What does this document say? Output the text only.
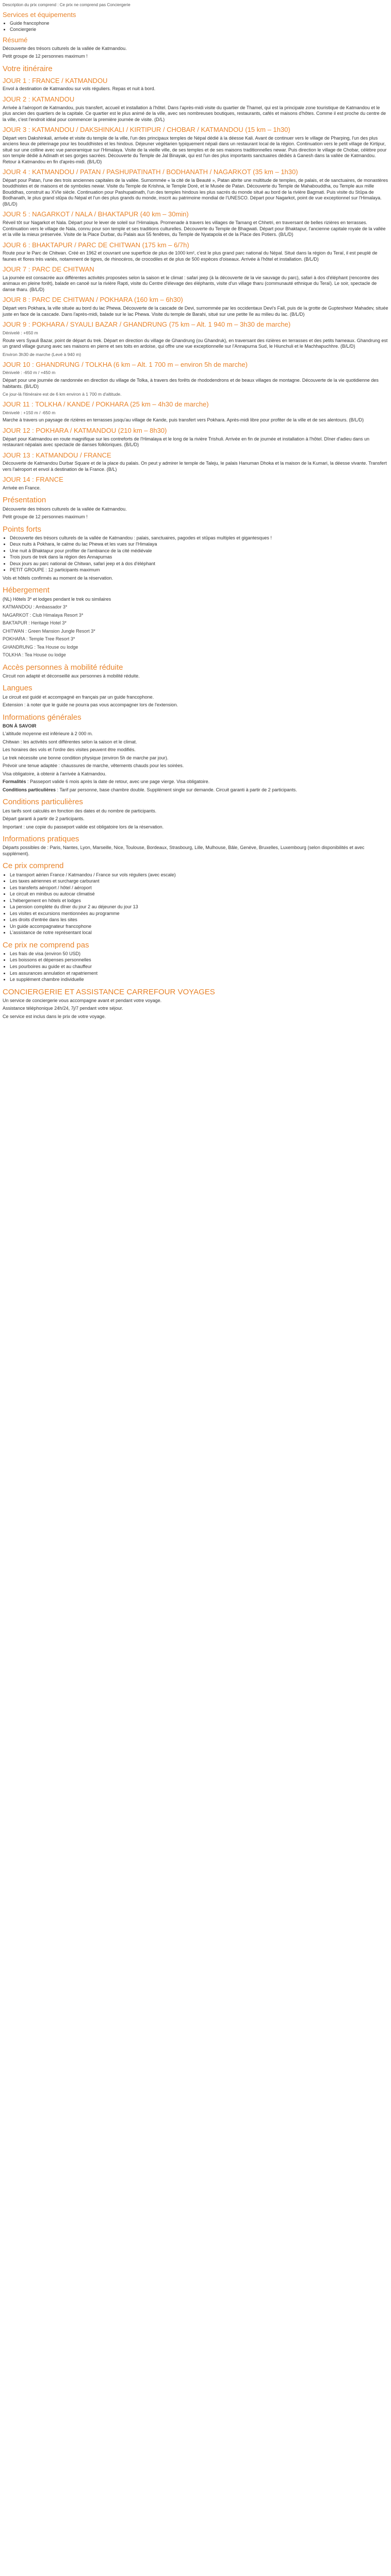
Description du prix comprend : Ce prix ne comprend pas Conciergerie
Services et équipements
• Guide francophone
• Conciergerie
Résumé

Découverte des trésors culturels de la vallée de Katmandou.

Petit groupe de 12 personnes maximum !

Votre itinéraire
JOUR 1 : FRANCE / KATMANDOU

Envol à destination de Katmandou sur vols réguliers. Repas et nuit à bord.

JOUR 2 : KATMANDOU

Arrivée à l'aéroport de Katmandou, puis transfert, accueil et installation à l'hôtel. Dans l'après-midi visite du quartier de Thamel, qui est la principale zone touristique de Katmandou et le plus ancien des quartiers de la capitale. Ce quartier est le plus animé de la ville, avec ses nombreuses boutiques, restaurants, cafés et maisons d'hôtes. Comme il est proche du centre de la ville, c'est l'endroit idéal pour commencer la première journée de visite. (D/L)

JOUR 3 : KATMANDOU / DAKSHINKALI / KIRTIPUR / CHOBAR / KATMANDOU (15 km – 1h30)

Départ vers Dakshinkali, arrivée et visite du temple de la ville, l'un des principaux temples de Népal dédié à la déesse Kali. Avant de continuer vers le village de Pharping, l'un des plus anciens lieux de pèlerinage pour les bouddhistes et les hindous. Déjeuner végétarien typiquement népali dans un restaurant local de la région. Continuation vers le petit village de Kirtipur, situé sur une colline avec vue panoramique sur l'Himalaya. Visite de la vieille ville, de ses temples et de ses maisons traditionnelles newar. Puis direction le village de Chobar, célèbre pour son temple dédié à Adinath et ses gorges sacrées. Découverte du Temple de Jal Binayak, qui est l'un des plus importants sanctuaires dédiés à Ganesh dans la vallée de Katmandou. Retour à Katmandou en fin d'après-midi. (B/L/D)

JOUR 4 : KATMANDOU / PATAN / PASHUPATINATH / BODHANATH / NAGARKOT (35 km – 1h30)

Départ pour Patan, l'une des trois anciennes capitales de la vallée. Surnommée « la cité de la Beauté », Patan abrite une multitude de temples, de palais, et de sanctuaires, de monastères bouddhistes et de maisons et de symboles newar. Visite du Temple de Krishna, le Temple Doré, et le Musée de Patan. Découverte du Temple de Mahabouddha, ou Temple aux mille Bouddhas, construit au XVIe siècle. Continuation pour Pashupatinath, l'un des temples hindous les plus sacrés du monde situé au bord de la rivière Bagmati. Puis visite du Stûpa de Bodhanath, le plus grand stûpa du Népal et l'un des plus grands du monde, inscrit au patrimoine mondial de l'UNESCO. Départ pour Nagarkot, point de vue exceptionnel sur l'Himalaya. (B/L/D)

JOUR 5 : NAGARKOT / NALA / BHAKTAPUR (40 km – 30min)

Réveil tôt sur Nagarkot et Nala. Départ pour le lever de soleil sur l'Himalaya. Promenade à travers les villages de Tamang et Chhetri, en traversant de belles rizières en terrasses. Continuation vers le village de Nala, connu pour son temple et ses traditions culturelles. Découverte du Temple de Bhagwati. Départ pour Bhaktapur, l'ancienne capitale royale de la vallée et la ville la mieux préservée. Visite de la Place Durbar, du Palais aux 55 fenêtres, du Temple de Nyatapola et de la Place des Potiers. (B/L/D)

JOUR 6 : BHAKTAPUR / PARC DE CHITWAN (175 km – 6/7h)

Route pour le Parc de Chitwan. Créé en 1962 et couvrant une superficie de plus de 1000 km², c'est le plus grand parc national du Népal. Situé dans la région du Teraï, il est peuplé de faunes et flores très variés, notamment de tigres, de rhinocéros, de crocodiles et de plus de 500 espèces d'oiseaux. Arrivée à l'hôtel et installation. (B/L/D)

JOUR 7 : PARC DE CHITWAN

La journée est consacrée aux différentes activités proposées selon la saison et le climat : safari jeep (à la découverte de la vie sauvage du parc), safari à dos d'éléphant (rencontre des animaux en pleine forêt), balade en canoë sur la rivière Rapti, visite du Centre d'élevage des éléphants, visite d'un village tharu (communauté ethnique du Teraï). Le soir, spectacle de danse tharu. (B/L/D)

JOUR 8 : PARC DE CHITWAN / POKHARA (160 km – 6h30)

Départ vers Pokhara, la ville située au bord du lac Phewa. Découverte de la cascade de Devi, surnommée par les occidentaux Devi's Fall, puis de la grotte de Gupteshwor Mahadev, située juste en face de la cascade. Dans l'après-midi, balade sur le lac Phewa. Visite du temple de Barahi, situé sur une petite île au milieu du lac. (B/L/D)

JOUR 9 : POKHARA / SYAULI BAZAR / GHANDRUNG (75 km – Alt. 1 940 m – 3h30 de marche)
Dénivelé : +650 m

Route vers Syauli Bazar, point de départ du trek. Départ en direction du village de Ghandrung (ou Ghandruk), en traversant des rizières en terrasses et des petits hameaux. Ghandrung est un grand village gurung avec ses maisons en pierre et ses toits en ardoise, qui offre une vue exceptionnelle sur l'Annapurna Sud, le Hiunchuli et le Machhapuchhre. (B/L/D)

Environ 3h30 de marche (Levé à 940 m)

JOUR 10 : GHANDRUNG / TOLKHA (6 km – Alt. 1 700 m – environ 5h de marche)
Dénivelé : -650 m / +450 m

Départ pour une journée de randonnée en direction du village de Tolka, à travers des forêts de rhododendrons et de beaux villages de montagne. Découverte de la vie quotidienne des habitants. (B/L/D)

Ce jour-là l'itinéraire est de 6 km environ à 1 700 m d'altitude.

JOUR 11 : TOLKHA / KANDE / POKHARA (25 km – 4h30 de marche)
Dénivelé : +150 m / -650 m

Marche à travers un paysage de rizières en terrasses jusqu'au village de Kande, puis transfert vers Pokhara. Après-midi libre pour profiter de la ville et de ses alentours. (B/L/D)

JOUR 12 : POKHARA / KATMANDOU (210 km – 8h30)

Départ pour Katmandou en route magnifique sur les contreforts de l'Himalaya et le long de la rivière Trishuli. Arrivée en fin de journée et installation à l'hôtel. Dîner d'adieu dans un restaurant népalais avec spectacle de danses folkloriques. (B/L/D)

JOUR 13 : KATMANDOU / FRANCE

Découverte de Katmandou Durbar Square et de la place du palais. On peut y admirer le temple de Taleju, le palais Hanuman Dhoka et la maison de la Kumari, la déesse vivante. Transfert vers l'aéroport et envol à destination de la France. (B/L)

JOUR 14 : FRANCE

Arrivée en France.

Présentation

Découverte des trésors culturels de la vallée de Katmandou.

Petit groupe de 12 personnes maximum !

Points forts
• Découverte des trésors culturels de la vallée de Katmandou : palais, sanctuaires, pagodes et stûpas multiples et gigantesques !
• Deux nuits à Pokhara, le calme du lac Phewa et les vues sur l'Himalaya
• Une nuit à Bhaktapur pour profiter de l'ambiance de la cité médiévale
• Trois jours de trek dans la région des Annapurnas
• Deux jours au parc national de Chitwan, safari jeep et à dos d'éléphant
• PETIT GROUPE : 12 participants maximum

Vols et hôtels confirmés au moment de la réservation.

Hébergement

(NL) Hôtels 3* et lodges pendant le trek ou similaires

KATMANDOU : Ambassador 3*

NAGARKOT : Club Himalaya Resort 3*

BAKTAPUR : Heritage Hotel 3*

CHITWAN : Green Mansion Jungle Resort 3*

POKHARA : Temple Tree Resort 3*

GHANDRUNG : Tea House ou lodge

TOLKHA : Tea House ou lodge

Accès personnes à mobilité réduite

Circuit non adapté et déconseillé aux personnes à mobilité réduite.

Langues

Le circuit est guidé et accompagné en français par un guide francophone.

Extension : à noter que le guide ne pourra pas vous accompagner lors de l'extension.

Informations générales

BON À SAVOIR

L'altitude moyenne est inférieure à 2 000 m.

Chitwan : les activités sont différentes selon la saison et le climat.

Les horaires des vols et l'ordre des visites peuvent être modifiés.

Le trek nécessite une bonne condition physique (environ 5h de marche par jour).

Prévoir une tenue adaptée : chaussures de marche, vêtements chauds pour les soirées.

Visa obligatoire, à obtenir à l'arrivée à Katmandou.

Formalités : Passeport valide 6 mois après la date de retour, avec une page vierge. Visa obligatoire.

Conditions particulières : Tarif par personne, base chambre double. Supplément single sur demande. Circuit garanti à partir de 2 participants.

Conditions particulières

Les tarifs sont calculés en fonction des dates et du nombre de participants.

Départ garanti à partir de 2 participants.

Important : une copie du passeport valide est obligatoire lors de la réservation.

Informations pratiques

Départs possibles de : Paris, Nantes, Lyon, Marseille, Nice, Toulouse, Bordeaux, Strasbourg, Lille, Mulhouse, Bâle, Genève, Bruxelles, Luxembourg (selon disponibilités et avec supplément).

Ce prix comprend
• Le transport aérien France / Katmandou / France sur vols réguliers (avec escale)
• Les taxes aériennes et surcharge carburant
• Les transferts aéroport / hôtel / aéroport
• Le circuit en minibus ou autocar climatisé
• L'hébergement en hôtels et lodges
• La pension complète du dîner du jour 2 au déjeuner du jour 13
• Les visites et excursions mentionnées au programme
• Les droits d'entrée dans les sites
• Un guide accompagnateur francophone
• L'assistance de notre représentant local
Ce prix ne comprend pas
• Les frais de visa (environ 50 USD)
• Les boissons et dépenses personnelles
• Les pourboires au guide et au chauffeur
• Les assurances annulation et rapatriement
• Le supplément chambre individuelle
CONCIERGERIE ET ASSISTANCE CARREFOUR VOYAGES

Un service de conciergerie vous accompagne avant et pendant votre voyage.

Assistance téléphonique 24h/24, 7j/7 pendant votre séjour.

Ce service est inclus dans le prix de votre voyage.
